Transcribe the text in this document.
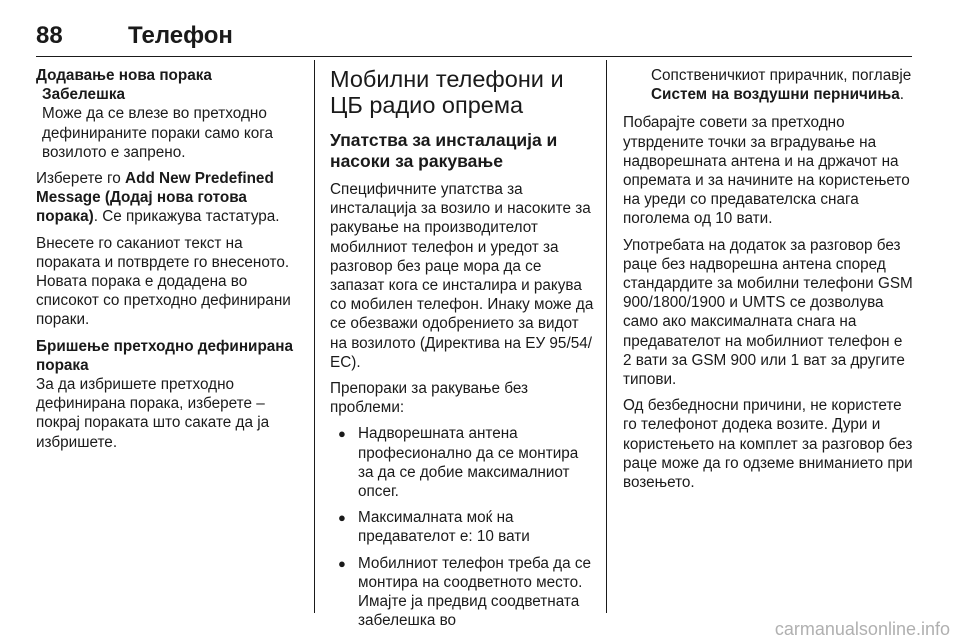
88	Телефон

Додавање нова порака

Забелешка
Може да се влезе во претходно дефинираните пораки само кога возилото е запрено.

Изберете го Add New Predefined Message (Додај нова готова порака). Се прикажува тастатура.

Внесете го саканиот текст на пораката и потврдете го внесеното. Новата порака е додадена во списокот со претходно дефинирани пораки.

Бришење претходно дефинирана порака

За да избришете претходно дефинирана порака, изберете – покрај пораката што сакате да ја избришете.

Мобилни телефони и ЦБ радио опрема
Упатства за инсталација и насоки за ракување

Специфичните упатства за инсталација за возило и насоките за ракување на производителот мобилниот телефон и уредот за разговор без раце мора да се запазат кога се инсталира и ракува со мобилен телефон. Инаку може да се обезважи одобрението за видот на возилото (Директива на ЕУ 95/54/ЕС).

Препораки за ракување без проблеми:

● Надворешната антена професионално да се монтира за да се добие максималниот опсег.
● Максималната моќ на предавателот е: 10 вати
● Мобилниот телефон треба да се монтира на соодветното место. Имајте ја предвид соодветната забелешка во
Сопственичкиот прирачник, поглавје Систем на воздушни перничиња.

Побарајте совети за претходно утврдените точки за вградување на надворешната антена и на држачот на опремата и за начините на користењето на уреди со предавателска снага поголема од 10 вати.

Употребата на додаток за разговор без раце без надворешна антена според стандардите за мобилни телефони GSM 900/1800/1900 и UMTS се дозволува само ако максималната снага на предавателот на мобилниот телефон е 2 вати за GSM 900 или 1 ват за другите типови.

Од безбедносни причини, не користете го телефонот додека возите. Дури и користењето на комплет за разговор без раце може да го одземе вниманието при возењето.

carmanualsonline.info
